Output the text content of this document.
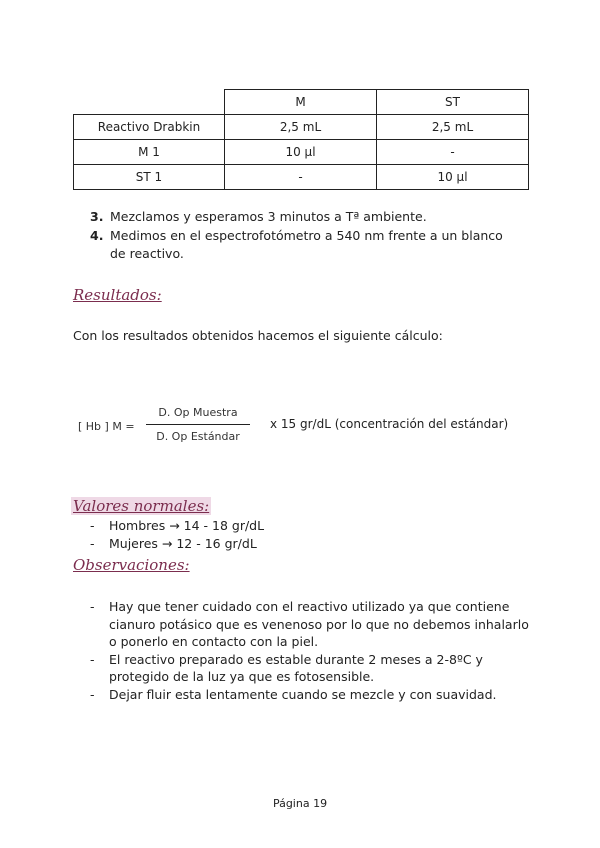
	M	ST
Reactivo Drabkin	2,5 mL	2,5 mL
M 1	10 µl	-
ST 1	-	10 µl
3. Mezclamos y esperamos 3 minutos a Tª ambiente.
4. Medimos en el espectrofotómetro a 540 nm frente a un blanco de reactivo.
Resultados:
Con los resultados obtenidos hacemos el siguiente cálculo:
[ Hb ] M =
D. Op Muestra
D. Op Estándar
x 15 gr/dL (concentración del estándar)
Valores normales:
-	Hombres → 14 - 18 gr/dL
-	Mujeres → 12 - 16 gr/dL
Observaciones:
-	Hay que tener cuidado con el reactivo utilizado ya que contiene cianuro potásico que es venenoso por lo que no debemos inhalarlo o ponerlo en contacto con la piel.
-	El reactivo preparado es estable durante 2 meses a 2-8ºC y protegido de la luz ya que es fotosensible.
-	Dejar fluir esta lentamente cuando se mezcle y con suavidad.
Página 19
